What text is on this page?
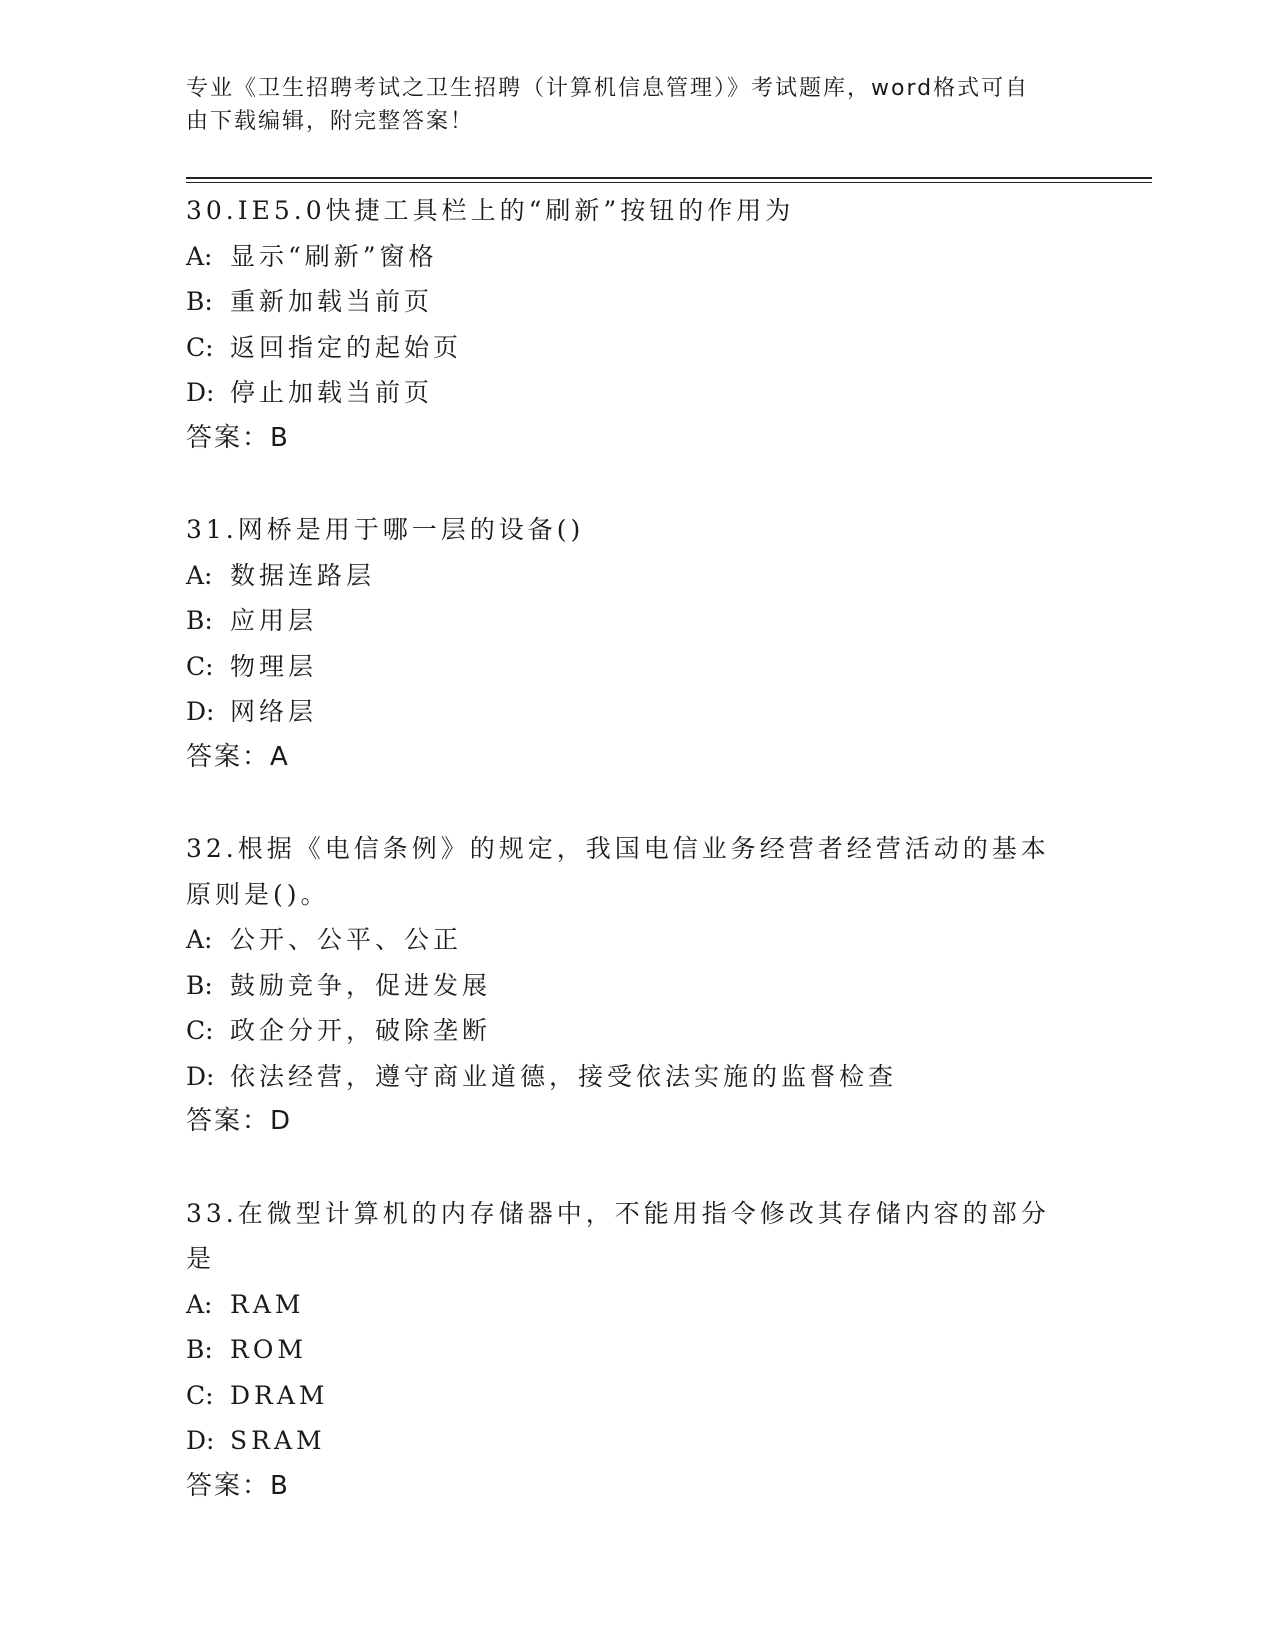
专业《卫生招聘考试之卫生招聘（计算机信息管理）》考试题库，word格式可自
由下载编辑，附完整答案！
30.IE5.0快捷工具栏上的“刷新”按钮的作用为
A: 显示“刷新”窗格
B: 重新加载当前页
C: 返回指定的起始页
D: 停止加载当前页
答案：B
31.网桥是用于哪一层的设备()
A: 数据连路层
B: 应用层
C: 物理层
D: 网络层
答案：A
32.根据《电信条例》的规定，我国电信业务经营者经营活动的基本原则是()。
A: 公开、公平、公正
B: 鼓励竞争，促进发展
C: 政企分开，破除垄断
D: 依法经营，遵守商业道德，接受依法实施的监督检查
答案：D
33.在微型计算机的内存储器中，不能用指令修改其存储内容的部分是
A: RAM
B: ROM
C: DRAM
D: SRAM
答案：B
